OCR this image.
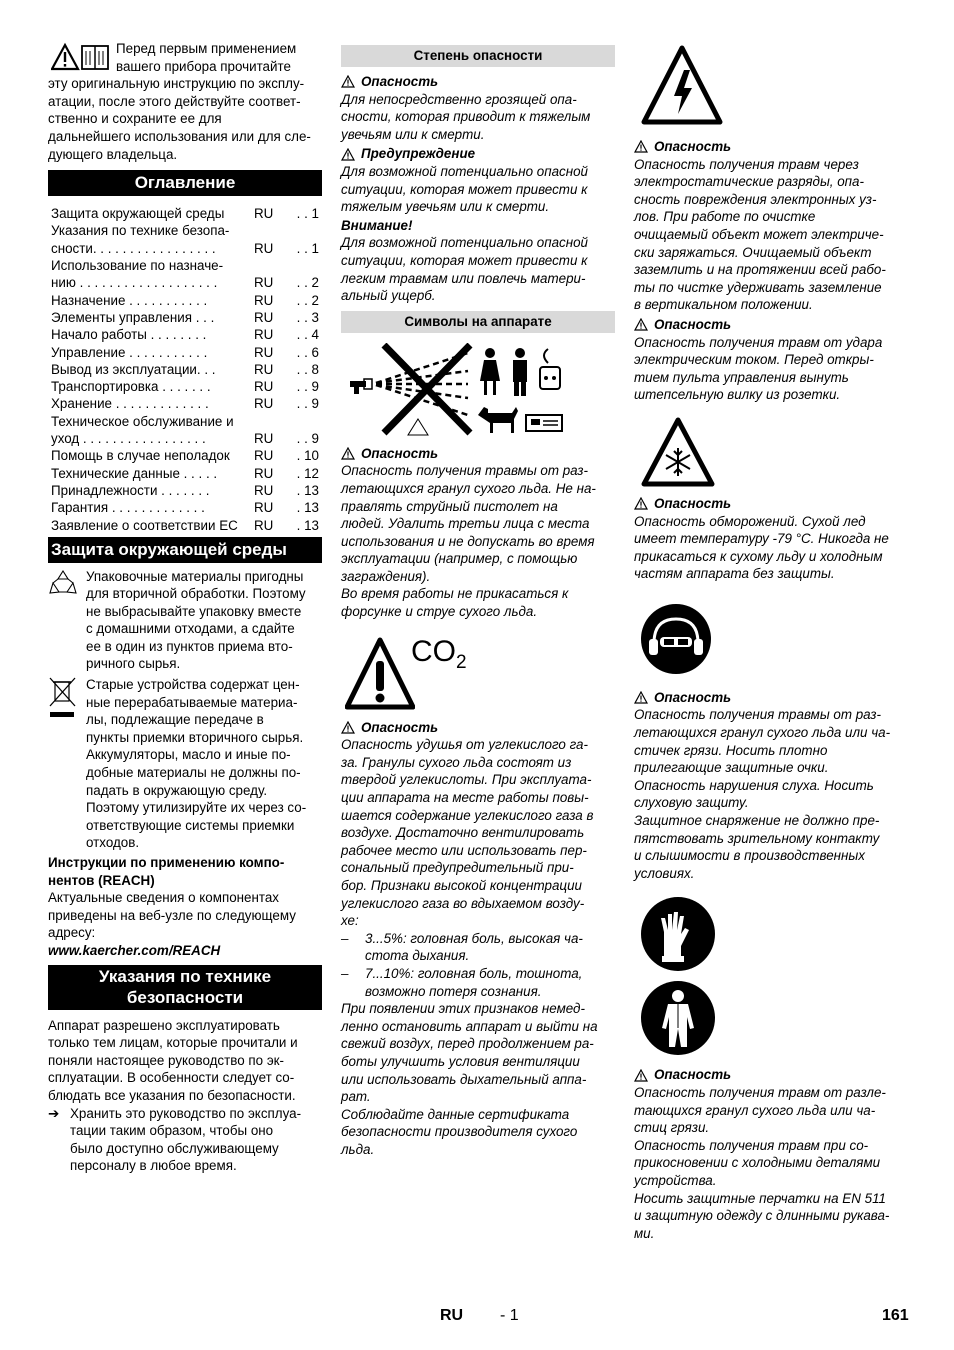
Перед первым применением

вашего прибора прочитайте

эту оригинальную инструкцию по эксплу-

атации, после этого действуйте соответ-

ственно и сохраните ее для

дальнейшего использования или для сле-

дующего владельца.

Оглавление
Защита окружающей среды	RU	. . 1
Указания по технике безопа-
сности. . . . . . . . . . . . . . . . .	RU	. . 1
Использование по назначе-
нию . . . . . . . . . . . . . . . . . . .	RU	. . 2
Назначение . . . . . . . . . . .	RU	. . 2
Элементы управления . . .	RU	. . 3
Начало работы . . . . . . . .	RU	. . 4
Управление . . . . . . . . . . .	RU	. . 6
Вывод из эксплуатации. . .	RU	. . 8
Транспортировка . . . . . . .	RU	. . 9
Хранение . . . . . . . . . . . . .	RU	. . 9
Техническое обслуживание и
уход . . . . . . . . . . . . . . . . .	RU	. . 9
Помощь в случае неполадок	RU	. 10
Технические данные . . . . .	RU	. 12
Принадлежности . . . . . . .	RU	. 13
Гарантия . . . . . . . . . . . . .	RU	. 13
Заявление о соответствии ЕС	RU	. 13
Защита окружающей среды

Упаковочные материалы пригодны

для вторичной обработки. Поэтому

не выбрасывайте упаковку вместе

с домашними отходами, а сдайте

ее в один из пунктов приема вто-

ричного сырья.

Старые устройства содержат цен-

ные перерабатываемые материа-

лы, подлежащие передаче в

пункты приемки вторичного сырья.

Аккумуляторы, масло и иные по-

добные материалы не должны по-

падать в окружающую среду.

Поэтому утилизируйте их через со-

ответствующие системы приемки

отходов.

Инструкции по применению компо-

нентов (REACH)

Актуальные сведения о компонентах

приведены на веб-узле по следующему

адресу:

www.kaercher.com/REACH

Указания по технике
безопасности

Аппарат разрешено эксплуатировать

только тем лицам, которые прочитали и

поняли настоящее руководство по эк-

сплуатации. В особенности следует со-

блюдать все указания по безопасности.

➔ Хранить это руководство по эксплуа-

тации таким образом, чтобы оно

было доступно обслуживающему

персоналу в любое время.

Степень опасности
Опасность

Для непосредственно грозящей опа-

сности, которая приводит к тяжелым

увечьям или к смерти.

Предупреждение

Для возможной потенциально опасной

ситуации, которая может привести к

тяжелым увечьям или к смерти.

Внимание!

Для возможной потенциально опасной

ситуации, которая может привести к

легким травмам или повлечь матери-

альный ущерб.

Символы на аппарате
Опасность

Опасность получения травмы от раз-

летающихся гранул сухого льда. Не на-

правлять струйный пистолет на

людей. Удалить третьи лица с места

использования и не допускать во время

эксплуатации (например, с помощью

заграждения).

Во время работы не прикасаться к

форсунке и струе сухого льда.

$CO_2$
Опасность

Опасность удушья от углекислого га-

за. Гранулы сухого льда состоят из

твердой углекислоты. При эксплуата-

ции аппарата на месте работы повы-

шается содержание углекислого газа в

воздухе. Достаточно вентилировать

рабочее место или использовать пер-

сональный предупредительный при-

бор. Признаки высокой концентрации

углекислого газа во вдыхаемом возду-

хе:

–	3...5%: головная боль, высокая ча-

стота дыхания.

–	7...10%: головная боль, тошнота,

возможно потеря сознания.

При появлении этих признаков немед-

ленно остановить аппарат и выйти на

свежий воздух, перед продолжением ра-

боты улучшить условия вентиляции

или использовать дыхательный аппа-

рат.

Соблюдайте данные сертификата

безопасности производителя сухого

льда.

Опасность

Опасность получения травм через

электростатические разряды, опа-

сность повреждения электронных уз-

лов. При работе по очистке

очищаемый объект может электриче-

ски заряжаться. Очищаемый объект

заземлить и на протяжении всей рабо-

ты по чистке удерживать заземление

в вертикальном положении.

Опасность

Опасность получения травм от удара

электрическим током. Перед откры-

тием пульта управления вынуть

штепсельную вилку из розетки.

Опасность

Опасность обморожений. Сухой лед

имеет температуру -79 °C. Никогда не

прикасаться к сухому льду и холодным

частям аппарата без защиты.

Опасность

Опасность получения травмы от раз-

летающихся гранул сухого льда или ча-

стичек грязи. Носить плотно

прилегающие защитные очки.

Опасность нарушения слуха. Носить

слуховую защиту.

Защитное снаряжение не должно пре-

пятствовать зрительному контакту

и слышимости в производственных

условиях.

Опасность

Опасность получения травм от разле-

тающихся гранул сухого льда или ча-

стиц грязи.

Опасность получения травм при со-

прикосновении с холодными деталями

устройства.

Носить защитные перчатки на EN 511

и защитную одежду с длинными рукава-

ми.

RU - 1	161
